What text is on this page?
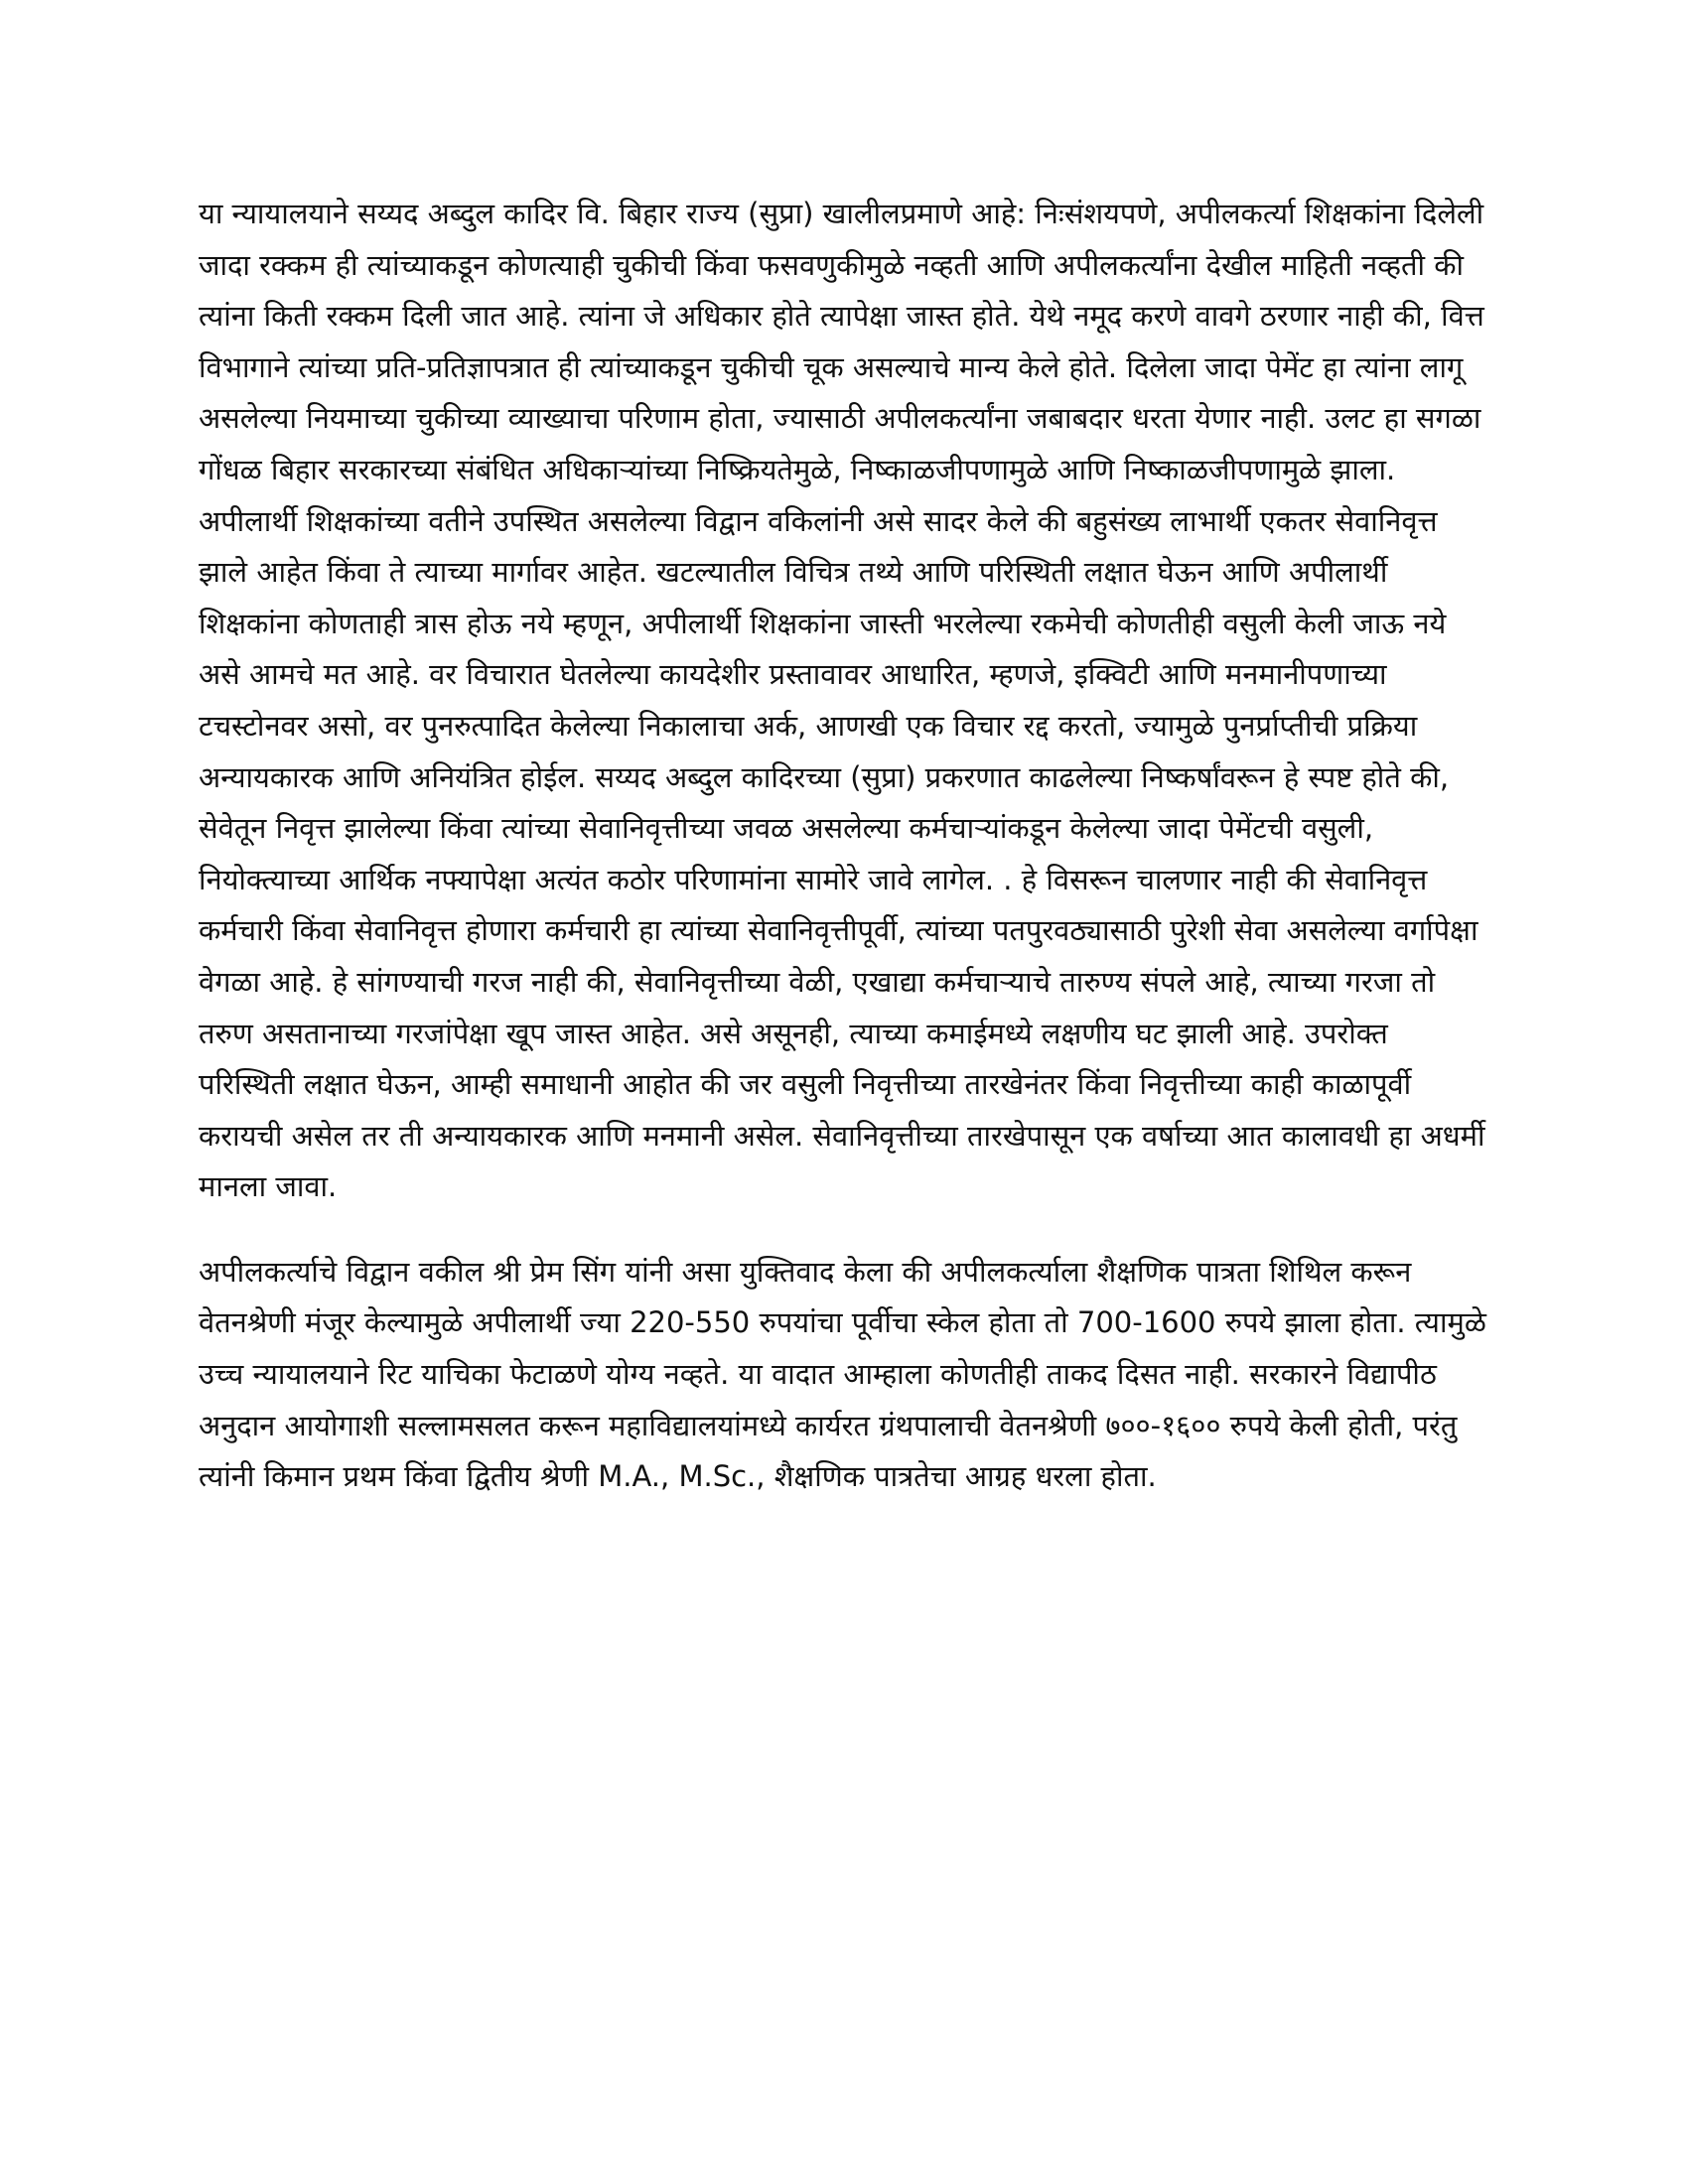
या न्यायालयाने सय्यद अब्दुल कादिर वि. बिहार राज्य (सुप्रा) खालीलप्रमाणे आहे: निःसंशयपणे, अपीलकर्त्या शिक्षकांना दिलेली जादा रक्कम ही त्यांच्याकडून कोणत्याही चुकीची किंवा फसवणुकीमुळे नव्हती आणि अपीलकर्त्यांना देखील माहिती नव्हती की त्यांना किती रक्कम दिली जात आहे. त्यांना जे अधिकार होते त्यापेक्षा जास्त होते. येथे नमूद करणे वावगे ठरणार नाही की, वित्त विभागाने त्यांच्या प्रति-प्रतिज्ञापत्रात ही त्यांच्याकडून चुकीची चूक असल्याचे मान्य केले होते. दिलेला जादा पेमेंट हा त्यांना लागू असलेल्या नियमाच्या चुकीच्या व्याख्याचा परिणाम होता, ज्यासाठी अपीलकर्त्यांना जबाबदार धरता येणार नाही. उलट हा सगळा गोंधळ बिहार सरकारच्या संबंधित अधिकाऱ्यांच्या निष्क्रियतेमुळे, निष्काळजीपणामुळे आणि निष्काळजीपणामुळे झाला. अपीलार्थी शिक्षकांच्या वतीने उपस्थित असलेल्या विद्वान वकिलांनी असे सादर केले की बहुसंख्य लाभार्थी एकतर सेवानिवृत्त झाले आहेत किंवा ते त्याच्या मार्गावर आहेत. खटल्यातील विचित्र तथ्ये आणि परिस्थिती लक्षात घेऊन आणि अपीलार्थी शिक्षकांना कोणताही त्रास होऊ नये म्हणून, अपीलार्थी शिक्षकांना जास्ती भरलेल्या रकमेची कोणतीही वसुली केली जाऊ नये असे आमचे मत आहे. वर विचारात घेतलेल्या कायदेशीर प्रस्तावावर आधारित, म्हणजे, इक्विटी आणि मनमानीपणाच्या टचस्टोनवर असो, वर पुनरुत्पादित केलेल्या निकालाचा अर्क, आणखी एक विचार रद्द करतो, ज्यामुळे पुनर्प्राप्तीची प्रक्रिया अन्यायकारक आणि अनियंत्रित होईल. सय्यद अब्दुल कादिरच्या (सुप्रा) प्रकरणात काढलेल्या निष्कर्षांवरून हे स्पष्ट होते की, सेवेतून निवृत्त झालेल्या किंवा त्यांच्या सेवानिवृत्तीच्या जवळ असलेल्या कर्मचाऱ्यांकडून केलेल्या जादा पेमेंटची वसुली, नियोक्त्याच्या आर्थिक नफ्यापेक्षा अत्यंत कठोर परिणामांना सामोरे जावे लागेल. . हे विसरून चालणार नाही की सेवानिवृत्त कर्मचारी किंवा सेवानिवृत्त होणारा कर्मचारी हा त्यांच्या सेवानिवृत्तीपूर्वी, त्यांच्या पतपुरवठ्यासाठी पुरेशी सेवा असलेल्या वर्गापेक्षा वेगळा आहे. हे सांगण्याची गरज नाही की, सेवानिवृत्तीच्या वेळी, एखाद्या कर्मचाऱ्याचे तारुण्य संपले आहे, त्याच्या गरजा तो तरुण असतानाच्या गरजांपेक्षा खूप जास्त आहेत. असे असूनही, त्याच्या कमाईमध्ये लक्षणीय घट झाली आहे. उपरोक्त परिस्थिती लक्षात घेऊन, आम्ही समाधानी आहोत की जर वसुली निवृत्तीच्या तारखेनंतर किंवा निवृत्तीच्या काही काळापूर्वी करायची असेल तर ती अन्यायकारक आणि मनमानी असेल. सेवानिवृत्तीच्या तारखेपासून एक वर्षाच्या आत कालावधी हा अधर्मी मानला जावा.

अपीलकर्त्याचे विद्वान वकील श्री प्रेम सिंग यांनी असा युक्तिवाद केला की अपीलकर्त्याला शैक्षणिक पात्रता शिथिल करून वेतनश्रेणी मंजूर केल्यामुळे अपीलार्थी ज्या 220-550 रुपयांचा पूर्वीचा स्केल होता तो 700-1600 रुपये झाला होता. त्यामुळे उच्च न्यायालयाने रिट याचिका फेटाळणे योग्य नव्हते. या वादात आम्हाला कोणतीही ताकद दिसत नाही. सरकारने विद्यापीठ अनुदान आयोगाशी सल्लामसलत करून महाविद्यालयांमध्ये कार्यरत ग्रंथपालाची वेतनश्रेणी ७००-१६०० रुपये केली होती, परंतु त्यांनी किमान प्रथम किंवा द्वितीय श्रेणी M.A., M.Sc., शैक्षणिक पात्रतेचा आग्रह धरला होता.
